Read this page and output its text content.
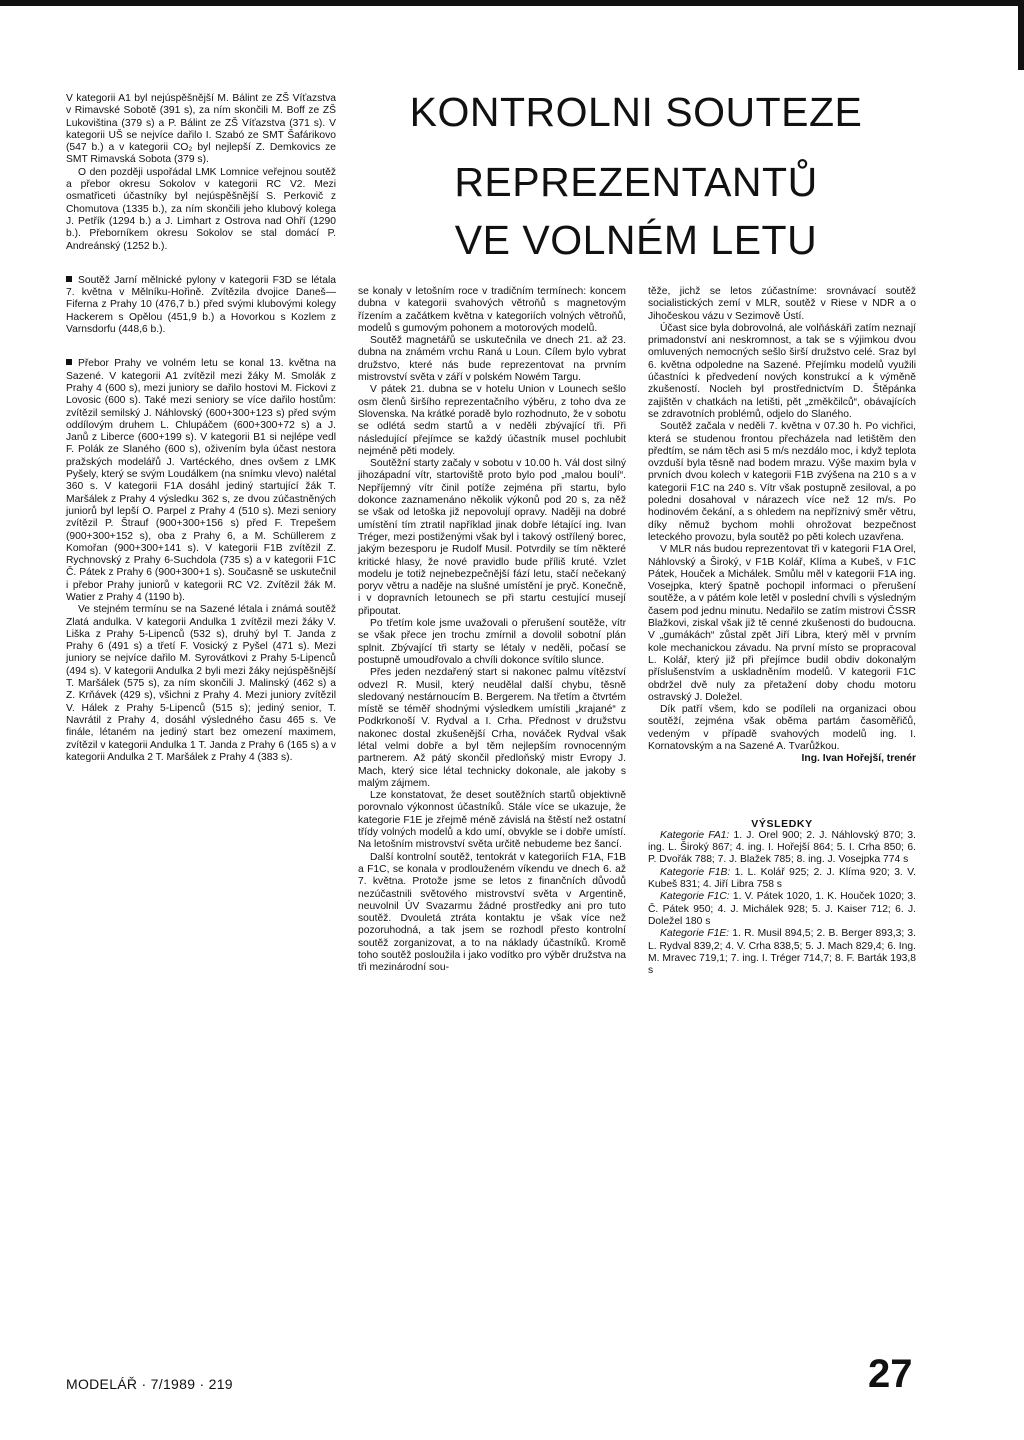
V kategorii A1 byl nejúspěšnější M. Bálint ze ZŠ Víťazstva v Rimavské Sobotě (391 s), za ním skončili M. Boff ze ZŠ Lukoviština (379 s) a P. Bálint ze ZŠ Víťazstva (371 s). V kategorii UŠ se nejvíce dařilo I. Szabó ze SMT Šafárikovo (547 b.) a v kategorii CO₂ byl nejlepší Z. Demkovics ze SMT Rimavská Sobota (379 s).

O den později uspořádal LMK Lomnice veřejnou soutěž a přebor okresu Sokolov v kategorii RC V2. Mezi osmatřiceti účastníky byl nejúspěšnější S. Perkovič z Chomutova (1335 b.), za ním skončili jeho klubový kolega J. Petřík (1294 b.) a J. Limhart z Ostrova nad Ohří (1290 b.). Přeborníkem okresu Sokolov se stal domácí P. Andreánský (1252 b.).

Soutěž Jarní mělnické pylony v kategorii F3D se létala 7. května v Mělníku-Hořině. Zvítězila dvojice Daneš—Fiferna z Prahy 10 (476,7 b.) před svými klubovými kolegy Hackerem s Opělou (451,9 b.) a Hovorkou s Kozlem z Varnsdorfu (448,6 b.).

Přebor Prahy ve volném letu se konal 13. května na Sazené. V kategorii A1 zvítězil mezi žáky M. Smolák z Prahy 4 (600 s), mezi juniory se dařilo hostovi M. Fickovi z Lovosic (600 s). Také mezi seniory se více dařilo hostům: zvítězil semilský J. Náhlovský (600+300+123 s) před svým oddílovým druhem L. Chlupáčem (600+300+72 s) a J. Janů z Liberce (600+199 s). V kategorii B1 si nejlépe vedl F. Polák ze Slaného (600 s), oživením byla účast nestora pražských modelářů J. Vartéckého, dnes ovšem z LMK Pyšely, který se svým Loudálkem (na snímku vlevo) nalétal 360 s. V kategorii F1A dosáhl jediný startující žák T. Maršálek z Prahy 4 výsledku 362 s, ze dvou zúčastněných juniorů byl lepší O. Parpel z Prahy 4 (510 s). Mezi seniory zvítězil P. Štrauf (900+300+156 s) před F. Trepešem (900+300+152 s), oba z Prahy 6, a M. Schüllerem z Komořan (900+300+141 s). V kategorii F1B zvítězil Z. Rychnovský z Prahy 6-Suchdola (735 s) a v kategorii F1C Č. Pátek z Prahy 6 (900+300+1 s). Současně se uskutečnil i přebor Prahy juniorů v kategorii RC V2. Zvítězil žák M. Watier z Prahy 4 (1190 b).

Ve stejném termínu se na Sazené létala i známá soutěž Zlatá andulka. V kategorii Andulka 1 zvítězil mezi žáky V. Liška z Prahy 5-Lipenců (532 s), druhý byl T. Janda z Prahy 6 (491 s) a třetí F. Vosický z Pyšel (471 s). Mezi juniory se nejvíce dařilo M. Syrovátkovi z Prahy 5-Lipenců (494 s). V kategorii Andulka 2 byli mezi žáky nejúspěšnější T. Maršálek (575 s), za ním skončili J. Malinský (462 s) a Z. Krňávek (429 s), všichni z Prahy 4. Mezi juniory zvítězil V. Hálek z Prahy 5-Lipenců (515 s); jediný senior, T. Navrátil z Prahy 4, dosáhl výsledného času 465 s. Ve finále, létaném na jediný start bez omezení maximem, zvítězil v kategorii Andulka 1 T. Janda z Prahy 6 (165 s) a v kategorii Andulka 2 T. Maršálek z Prahy 4 (383 s).

KONTROLNI SOUTEZE
REPREZENTANTŮ
VE VOLNÉM LETU

se konaly v letošním roce v tradičním termínech: koncem dubna v kategorii svahových větroňů s magnetovým řízením a začátkem května v kategoriích volných větroňů, modelů s gumovým pohonem a motorových modelů.

Soutěž magnetářů se uskutečnila ve dnech 21. až 23. dubna na známém vrchu Raná u Loun. Cílem bylo vybrat družstvo, které nás bude reprezentovat na prvním mistrovství světa v září v polském Nowém Targu.

V pátek 21. dubna se v hotelu Union v Lounech sešlo osm členů širšího reprezentačního výběru, z toho dva ze Slovenska. Na krátké poradě bylo rozhodnuto, že v sobotu se odlétá sedm startů a v neděli zbývající tři. Při následující přejímce se každý účastník musel pochlubit nejméně pěti modely.

Soutěžní starty začaly v sobotu v 10.00 h. Vál dost silný jihozápadní vítr, startoviště proto bylo pod „malou boulí“. Nepříjemný vítr činil potíže zejména při startu, bylo dokonce zaznamenáno několik výkonů pod 20 s, za něž se však od letoška již nepovolují opravy. Naději na dobré umístění tím ztratil například jinak dobře létající ing. Ivan Tréger, mezi postiženými však byl i takový ostřílený borec, jakým bezesporu je Rudolf Musil. Potvrdily se tím některé kritické hlasy, že nové pravidlo bude příliš kruté. Vzlet modelu je totiž nejnebezpečnější fází letu, stačí nečekaný poryv větru a naděje na slušné umístění je pryč. Konečně, i v dopravních letounech se při startu cestující musejí připoutat.

Po třetím kole jsme uvažovali o přerušení soutěže, vítr se však přece jen trochu zmírnil a dovolil sobotní plán splnit. Zbývající tři starty se létaly v neděli, počasí se postupně umoudřovalo a chvíli dokonce svítilo slunce.

Přes jeden nezdařený start si nakonec palmu vítězství odvezl R. Musil, který neudělal další chybu, těsně sledovaný nestárnoucím B. Bergerem. Na třetím a čtvrtém místě se téměř shodnými výsledkem umístili „krajané“ z Podkrkonoší V. Rydval a I. Crha. Přednost v družstvu nakonec dostal zkušenější Crha, nováček Rydval však létal velmi dobře a byl těm nejlepším rovnocenným partnerem. Až pátý skončil předloňský mistr Evropy J. Mach, který sice létal technicky dokonale, ale jakoby s malým zájmem.

Lze konstatovat, že deset soutěžních startů objektivně porovnalo výkonnost účastníků. Stále více se ukazuje, že kategorie F1E je zřejmě méně závislá na štěstí než ostatní třídy volných modelů a kdo umí, obvykle se i dobře umístí. Na letošním mistrovství světa určitě nebudeme bez šancí.

Další kontrolní soutěž, tentokrát v kategoriích F1A, F1B a F1C, se konala v prodlouženém víkendu ve dnech 6. až 7. května. Protože jsme se letos z finančních důvodů nezúčastnili světového mistrovství světa v Argentině, neuvolnil ÚV Svazarmu žádné prostředky ani pro tuto soutěž. Dvouletá ztráta kontaktu je však více než pozoruhodná, a tak jsem se rozhodl přesto kontrolní soutěž zorganizovat, a to na náklady účastníků. Kromě toho soutěž posloužila i jako vodítko pro výběr družstva na tři mezinárodní sou-

těže, jichž se letos zúčastníme: srovnávací soutěž socialistických zemí v MLR, soutěž v Riese v NDR a o Jihočeskou vázu v Sezimově Ústí.

Účast sice byla dobrovolná, ale volňáskáři zatím neznají primadonství ani neskromnost, a tak se s výjimkou dvou omluvených nemocných sešlo širší družstvo celé. Sraz byl 6. května odpoledne na Sazené. Přejímku modelů využili účastníci k předvedení nových konstrukcí a k výměně zkušeností. Nocleh byl prostřednictvím D. Štěpánka zajištěn v chatkách na letišti, pět „změkčilců“, obávajících se zdravotních problémů, odjelo do Slaného.

Soutěž začala v neděli 7. května v 07.30 h. Po vichřici, která se studenou frontou přecházela nad letištěm den předtím, se nám těch asi 5 m/s nezdálo moc, i když teplota ovzduší byla těsně nad bodem mrazu. Výše maxim byla v prvních dvou kolech v kategorii F1B zvýšena na 210 s a v kategorii F1C na 240 s. Vítr však postupně zesiloval, a po poledni dosahoval v nárazech více než 12 m/s. Po hodinovém čekání, a s ohledem na nepříznivý směr větru, díky němuž bychom mohli ohrožovat bezpečnost leteckého provozu, byla soutěž po pěti kolech uzavřena.

V MLR nás budou reprezentovat tři v kategorii F1A Orel, Náhlovský a Široký, v F1B Kolář, Klíma a Kubeš, v F1C Pátek, Houček a Michálek. Smůlu měl v kategorii F1A ing. Vosejpka, který špatně pochopil informaci o přerušení soutěže, a v pátém kole letěl v poslední chvíli s výsledným časem pod jednu minutu. Nedařilo se zatím mistrovi ČSSR Blažkovi, ziskal však již tě cenné zkušenosti do budoucna. V „gumákách“ zůstal zpět Jiří Libra, který měl v prvním kole mechanickou závadu. Na první místo se propracoval L. Kolář, který již při přejímce budil obdiv dokonalým příslušenstvím a uskladněním modelů. V kategorii F1C obdržel dvě nuly za přetažení doby chodu motoru ostravský J. Doležel.

Dík patří všem, kdo se podíleli na organizaci obou soutěží, zejména však oběma partám časoměřičů, vedeným v případě svahových modelů ing. I. Kornatovským a na Sazené A. Tvarůžkou.

Ing. Ivan Hořejší, trenér

VÝSLEDKY

Kategorie FA1: 1. J. Orel 900; 2. J. Náhlovský 870; 3. ing. L. Široký 867; 4. ing. I. Hořejší 864; 5. I. Crha 850; 6. P. Dvořák 788; 7. J. Blažek 785; 8. ing. J. Vosejpka 774 s

Kategorie F1B: 1. L. Kolář 925; 2. J. Klíma 920; 3. V. Kubeš 831; 4. Jiří Libra 758 s

Kategorie F1C: 1. V. Pátek 1020, 1. K. Houček 1020; 3. Č. Pátek 950; 4. J. Michálek 928; 5. J. Kaiser 712; 6. J. Doležel 180 s

Kategorie F1E: 1. R. Musil 894,5; 2. B. Berger 893,3; 3. L. Rydval 839,2; 4. V. Crha 838,5; 5. J. Mach 829,4; 6. Ing. M. Mravec 719,1; 7. ing. I. Tréger 714,7; 8. F. Barták 193,8 s

MODELÁŘ · 7/1989 · 219	27
